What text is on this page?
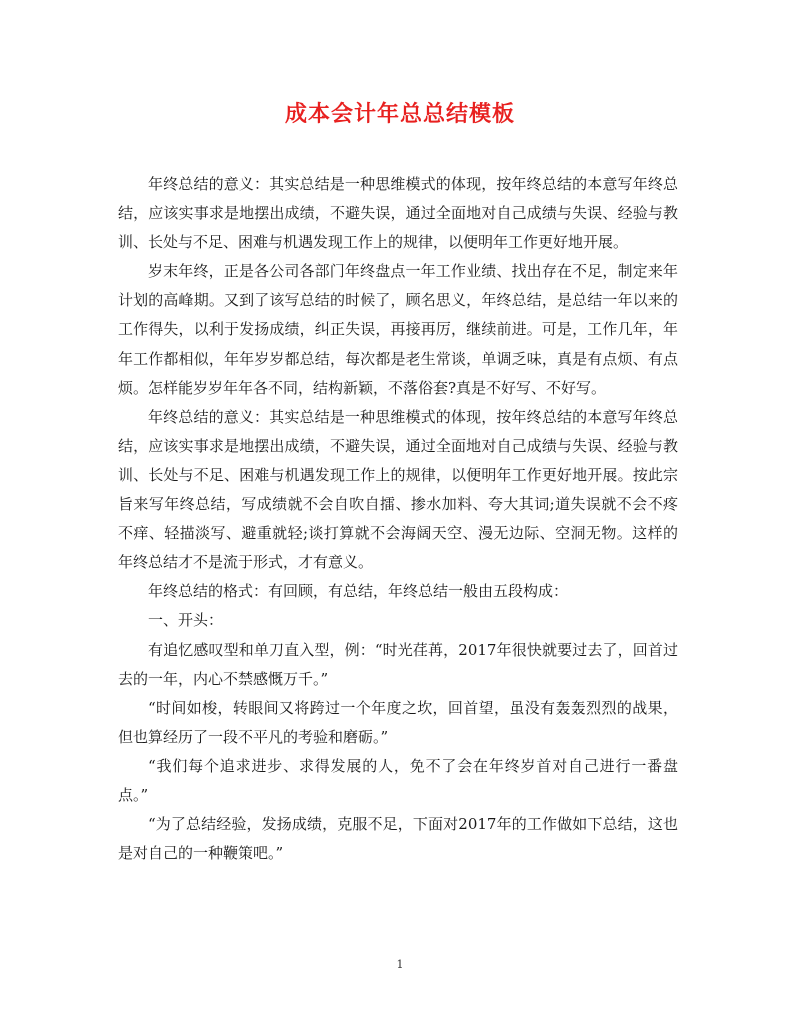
成本会计年总总结模板

年终总结的意义：其实总结是一种思维模式的体现，按年终总结的本意写年终总结，应该实事求是地摆出成绩，不避失误，通过全面地对自己成绩与失误、经验与教训、长处与不足、困难与机遇发现工作上的规律，以便明年工作更好地开展。

岁末年终，正是各公司各部门年终盘点一年工作业绩、找出存在不足，制定来年计划的高峰期。又到了该写总结的时候了，顾名思义，年终总结，是总结一年以来的工作得失，以利于发扬成绩，纠正失误，再接再厉，继续前进。可是，工作几年，年年工作都相似，年年岁岁都总结，每次都是老生常谈，单调乏味，真是有点烦、有点烦。怎样能岁岁年年各不同，结构新颖，不落俗套?真是不好写、不好写。

年终总结的意义：其实总结是一种思维模式的体现，按年终总结的本意写年终总结，应该实事求是地摆出成绩，不避失误，通过全面地对自己成绩与失误、经验与教训、长处与不足、困难与机遇发现工作上的规律，以便明年工作更好地开展。按此宗旨来写年终总结，写成绩就不会自吹自擂、掺水加料、夸大其词;道失误就不会不疼不痒、轻描淡写、避重就轻;谈打算就不会海阔天空、漫无边际、空洞无物。这样的年终总结才不是流于形式，才有意义。

年终总结的格式：有回顾，有总结，年终总结一般由五段构成：

一、开头：

有追忆感叹型和单刀直入型，例：“时光荏苒，2017年很快就要过去了，回首过去的一年，内心不禁感慨万千。”

“时间如梭，转眼间又将跨过一个年度之坎，回首望，虽没有轰轰烈烈的战果，但也算经历了一段不平凡的考验和磨砺。”

“我们每个追求进步、求得发展的人，免不了会在年终岁首对自己进行一番盘点。”

“为了总结经验，发扬成绩，克服不足，下面对2017年的工作做如下总结，这也是对自己的一种鞭策吧。”

1
